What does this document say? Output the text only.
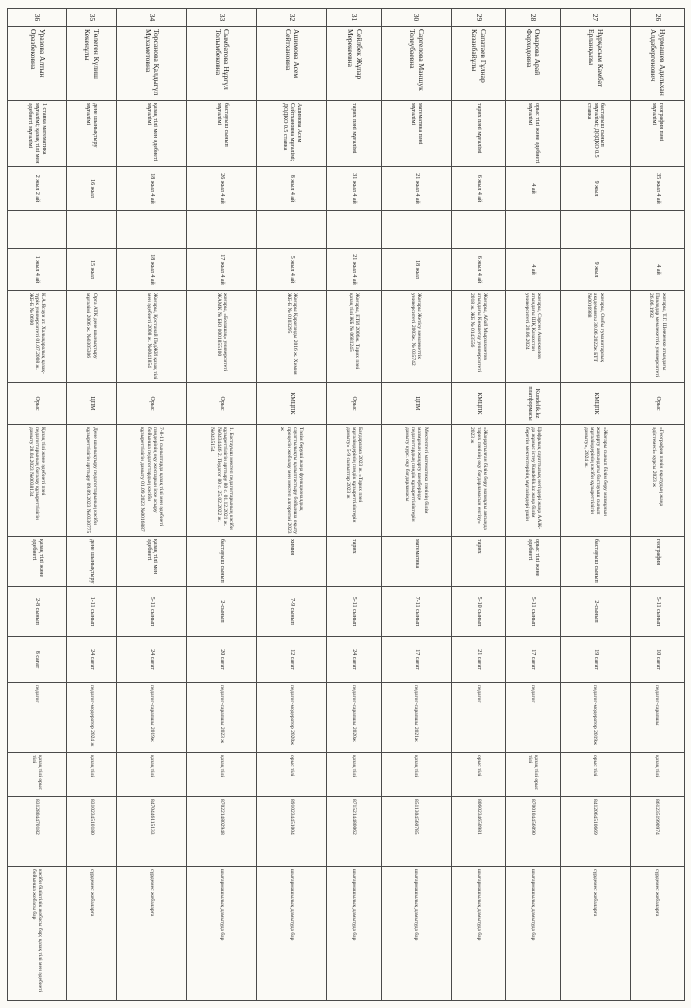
26	Нурмашев Адильхан Алдабергенович	география пәні мұғалімі	35 жыл 4 ай		4 ай	жоғары, Т.Г. Шевченко атындағы Павлодар мемлекеттік университеті 26.06.1992	Орыс	«География пәнін оқытудың жаңа әдістемесі» курсы 2023 ж	география	5-11 сынып	10 сағат	педагог-сарапшы	қазақ тілі	8612351990974	сүрдемес жобаларға
27	Нұрқасым Камбат Ерланқызы	бастауыш сынып мұғалімі; ДОДКО 0.5 ставка	9 жыл		9 жыл	жоғары, Омбы гуманитарлық академиясы 30.06.2022ж БТТ №0016988	КМЦПК	«Жоғары сынып білім беру мазмұнын жаңарту аясындағы бастауыш сынып мұғалімдерінің кәсіби құзыреттілігін дамыту», 2024 ж.	бастауыш сынып	2-сынып	19 сағат	педагог-модератор 2019ж	орыс тілі	8412064510669	сүрдемес жобаларға
28	Омарова Арай Фарходовна	орыс тілі және әдебиеті мұғалімі	4 ай		4 ай	жоғары, Сәрсен Аманжолов атындағы ШҚ Казахстан университеті 20.06.2024	Kundelik.kz платформасы	Цифрлық сауаттылық негіздері жаңа ААЖ-да жұмыс істеу Kundelik.kz жаңа білім беретін мектептерінің мұғалімдері үшін	орыс тілі және әдебиеті	5-11 сынып	17 сағат	педагог	қазақ тілі орыс тілі	8700104456090	шығармашылық дамытуда бар
29	Сапатаев Гұлнар Казанбайұлы	тарих пәні мұғалімі	6 жыл 4 ай		6 жыл 4 ай	Жоғары, Абай Мырзахметов атындағы Көкшетау университеті 2018 ж. ЖБ № 0143556	КМЦПК	«Жаңартылған білім беру мазмұны аясында тарих пәнінің оқу бағдарламасын енгізу» 2023 ж	тарих	5-10 сынып	21 сағат	педагог	орыс тілі	8060234650981	шығармашылық дамытуда бар
30	Саргелова Маншук Толеубаевна	математика пәні мұғалімі	21 жыл 4 ай		18 жыл	Жоғары Жетісу мемлекеттік университеті 2003ж. № 035742	ЦПМ	Мектептегі математика пәнінің білім мазмұнын жаңарту шеңберінде педагогтардың пәндік құзыреттіліктерін дамыту курс. оқу бағдарламасы	математика	7-11 сынып	17 сағат	педагог-сарапшы 2021ж	қазақ тілі	8511304560785	шығармашылық дамытуда бар
31	Сейлбек Жұпар Мерекеевна	тарих пәні мұғалімі	31 жыл 4 ай		21 жыл 4 ай	Жоғары, ЕТИ 2006ж. Тарих пәні қазақ тілі ЖБ № 0681245	Орыс	Бағдарлама 2023 ж. «Тарих пәні мұғалімдерінің пәндік құзыреттіліктерін дамыту» 5-9 сыныптар 2023 ж	тарих	5-11 сынып	24 сағат	педагог-сарапшы 2020ж	қазақ тілі	8715214480062	шығармашылық дамытуда бар
32	Ашимова Асем Сейтхановна	Ашимова Асем Сейтхановна мұғалімі; ДОДКО 0.5 ставка	8 жыл 4 ай		5 жыл 4 ай	Жоғары Қарағанды 2016 ж. Химия ЖБ-Б № 0103295	КМЦПК	Тәлім беруші жаңа функционалдық сауаттылықты қалыптастыру бойынша оқыту процесін жобалау мен мектеп алгоритмі 2023 ж	химия	7-9 сынып	12 сағат	педагог-модератор 2020ж	орыс тілі	8910234451004	шығармашылық дамытуда бар
33	Сымбатова Нұргүл Толымбековна	бастауыш сынып мұғалімі	26 жыл 4 ай		17 жыл 4 ай	жоғары, «Болашақ» университеті ЖАМК № БЮ 0001855100	Орыс	1. Бастауыш мектеп педагогтарының кәсіби құзыреттілігін арттыру 80 с. 01.12.2021 ж. №0434446 2. Педагог 80 с. 25.02.2022 ж. №0435154	бастауыш сынып	2-сынып	20 сағат	педагог-сарапшы 2023 ж	қазақ тілі	8702214802948	шығармашылық дамытуда бар
34	Торсанова Қалдыгүл Мұхаметовна	қазақ тілі мен әдебиеті мұғалімі	18 жыл 4 ай		18 жыл 4 ай	Жоғары, Қостанай ПедЖИ қазақ тілі мен әдебиеті 2008 ж. №0041854	Орыс	7-8-11 сыныптарда қазақ тілі мен әдебиеті пәндерінің оқу жоспарын іске асыру бойынша педагогтардың кәсіби құзыреттілігін дамыту 01.09.2023 №0016887	қазақ тілі мен әдебиеті	5-11 сынып	24 сағат	педагог-сарапшы 2019ж	қазақ тілі	8470446115133	сүрдемес жобаларға
35	Төлеген Күлиш Кекенұлы	дене шынықтыру мұғалімі	16 жыл		15 жыл	Орта АТК дене шынықтыру мұғалімі 2006 ж. №0305306	ЦПМ	Дене шынықтыру педагогтарының кәсіби құзыреттілігін арттыру 09.09.2023 №0330775	дене шынықтыру	1-11 сынып	24 сағат	педагог-модератор 2024 ж	қазақ тілі	8310234510180	сүрдемес жобаларға
36	Уразова Алтын Оразбековна	1 ставка математика мұғалімі; қазақ тілі мен әдебиеті мұғалімі	2 жыл 2 ай		1 жыл 4 ай	К.А.Ясауи ат. Халықаралық қазақ-түрік университеті 01.07.2008 ж. ЖБ-Б № 0690	Орыс	Қазақ тілі және әдебиеті пәні педагогтарының бағалау құзыреттілігін дамыту 28.04.2023 №0038134	қазақ тілі және әдебиеті	2-8 сынып	8 сағат	педагог	қазақ тілі орыс тілі	8312804470182	кәсіби біліктілік жобасы бар; қазақ тілі мен әдебиеті бойынша жобасы бар
